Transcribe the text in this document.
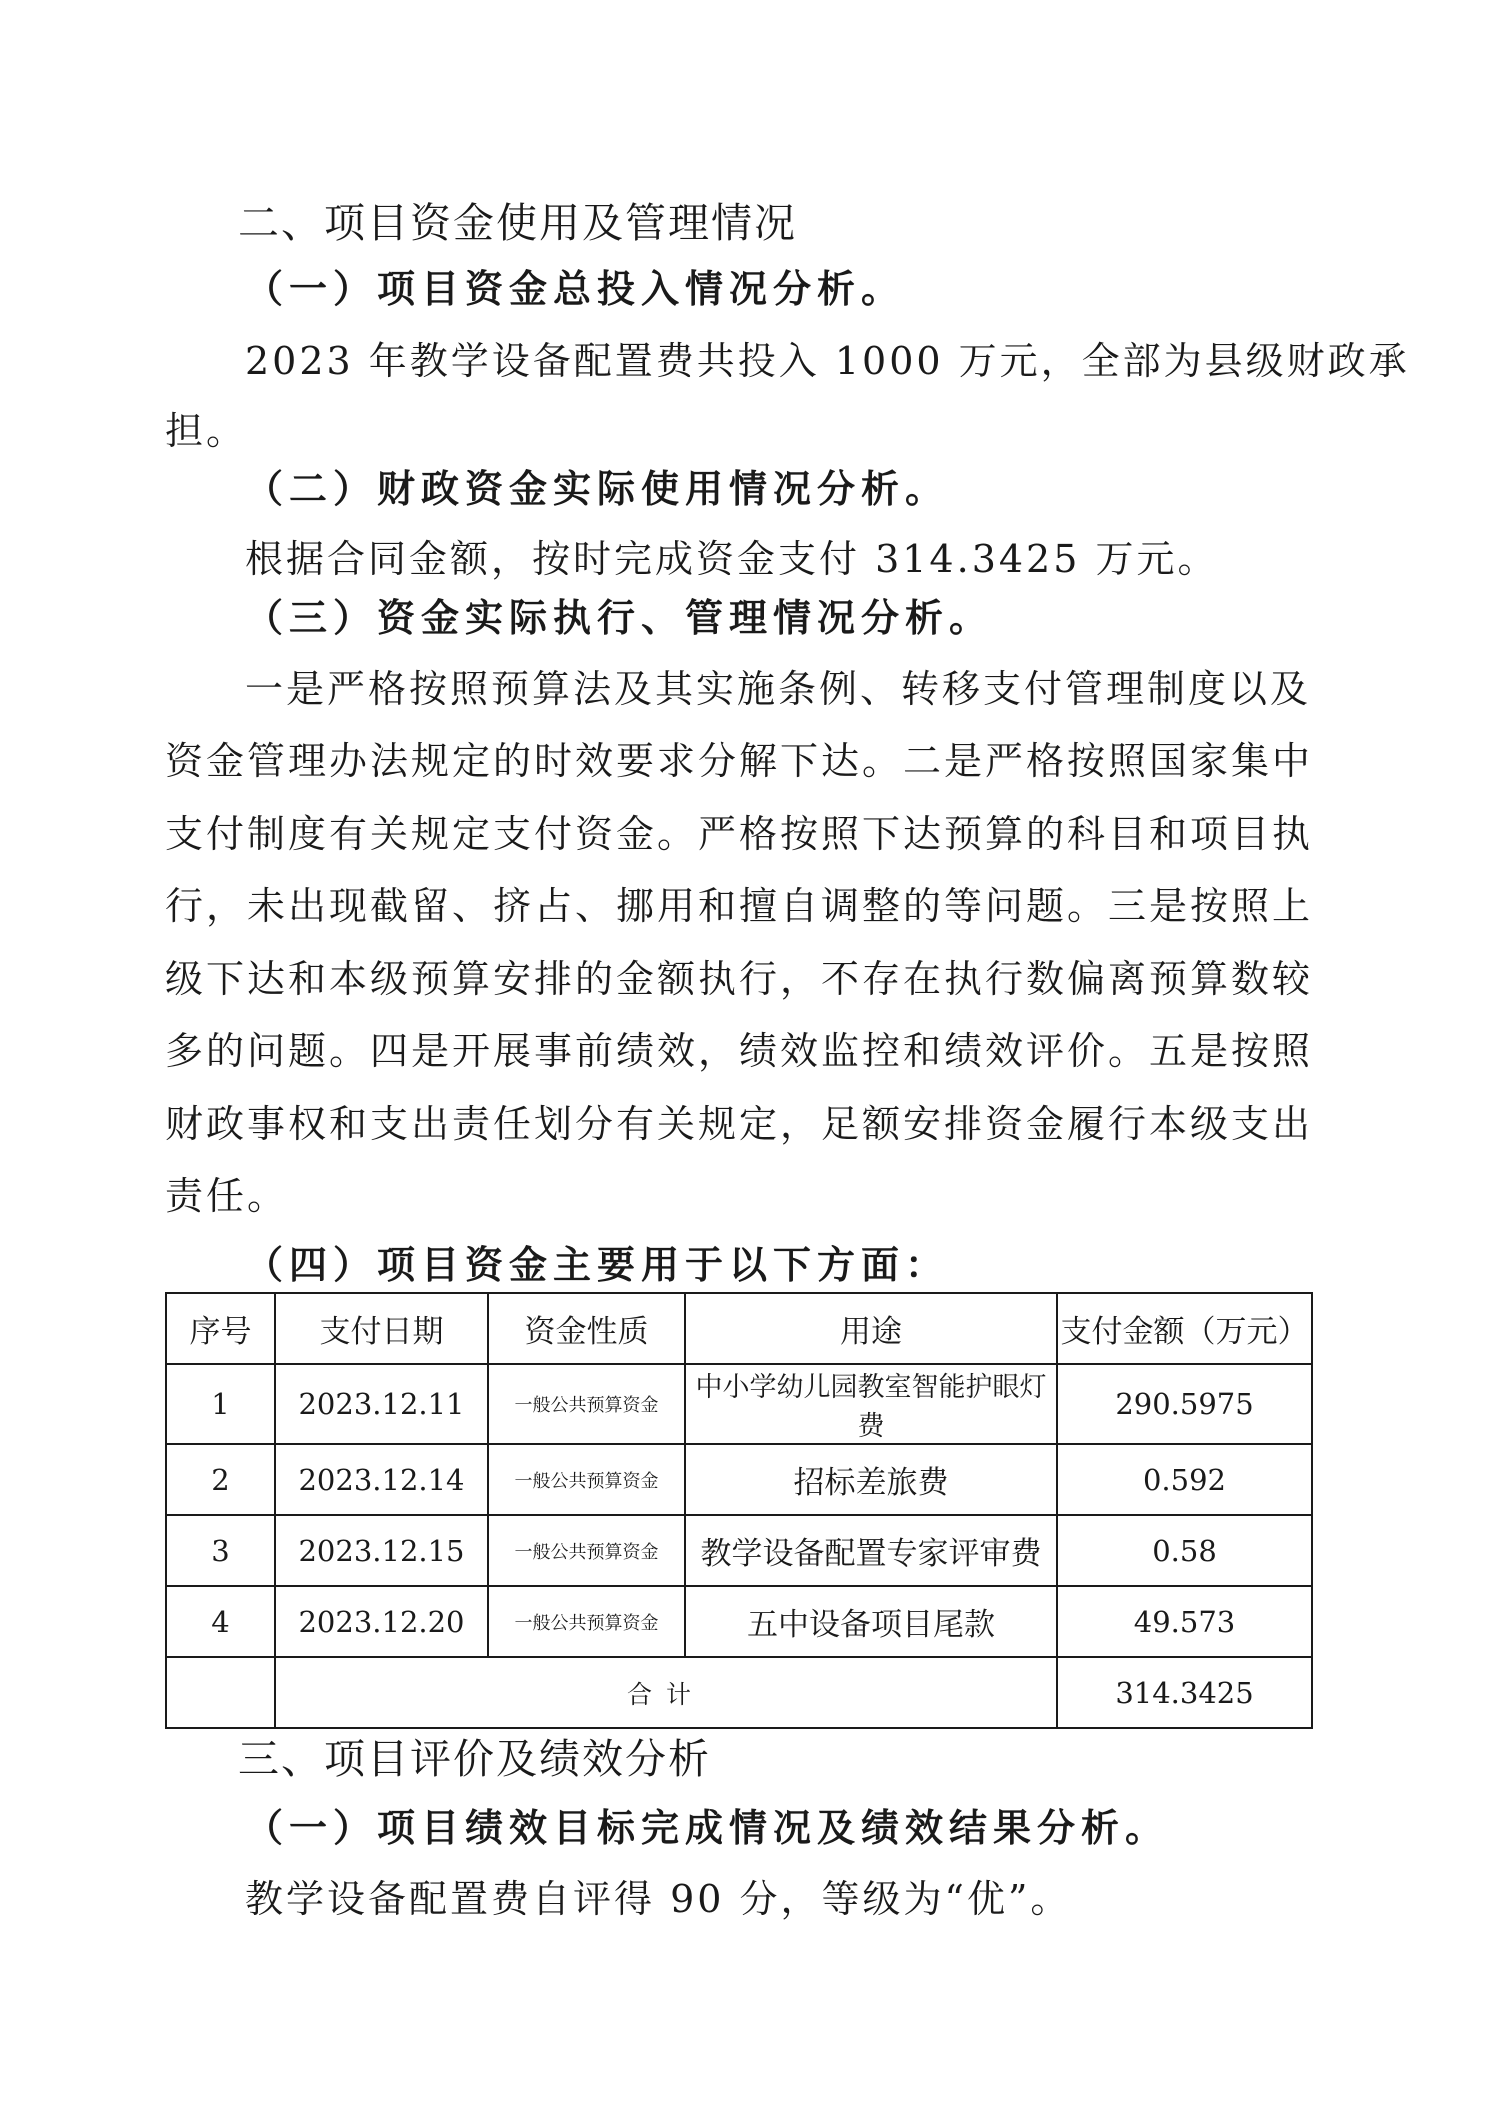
二、项目资金使用及管理情况
（一）项目资金总投入情况分析。
2023 年教学设备配置费共投入 1000 万元，全部为县级财政承
担。
（二）财政资金实际使用情况分析。
根据合同金额，按时完成资金支付 314.3425 万元。
（三）资金实际执行、管理情况分析。
一是严格按照预算法及其实施条例、转移支付管理制度以及
资金管理办法规定的时效要求分解下达。二是严格按照国家集中
支付制度有关规定支付资金。严格按照下达预算的科目和项目执
行，未出现截留、挤占、挪用和擅自调整的等问题。三是按照上
级下达和本级预算安排的金额执行，不存在执行数偏离预算数较
多的问题。四是开展事前绩效，绩效监控和绩效评价。五是按照
财政事权和支出责任划分有关规定，足额安排资金履行本级支出
责任。
（四）项目资金主要用于以下方面：
序号	支付日期	资金性质	用途	支付金额（万元）
1	2023.12.11	一般公共预算资金	中小学幼儿园教室智能护眼灯费	290.5975
2	2023.12.14	一般公共预算资金	招标差旅费	0.592
3	2023.12.15	一般公共预算资金	教学设备配置专家评审费	0.58
4	2023.12.20	一般公共预算资金	五中设备项目尾款	49.573
	合计			314.3425
三、项目评价及绩效分析
（一）项目绩效目标完成情况及绩效结果分析。
教学设备配置费自评得 90 分，等级为“优”。
